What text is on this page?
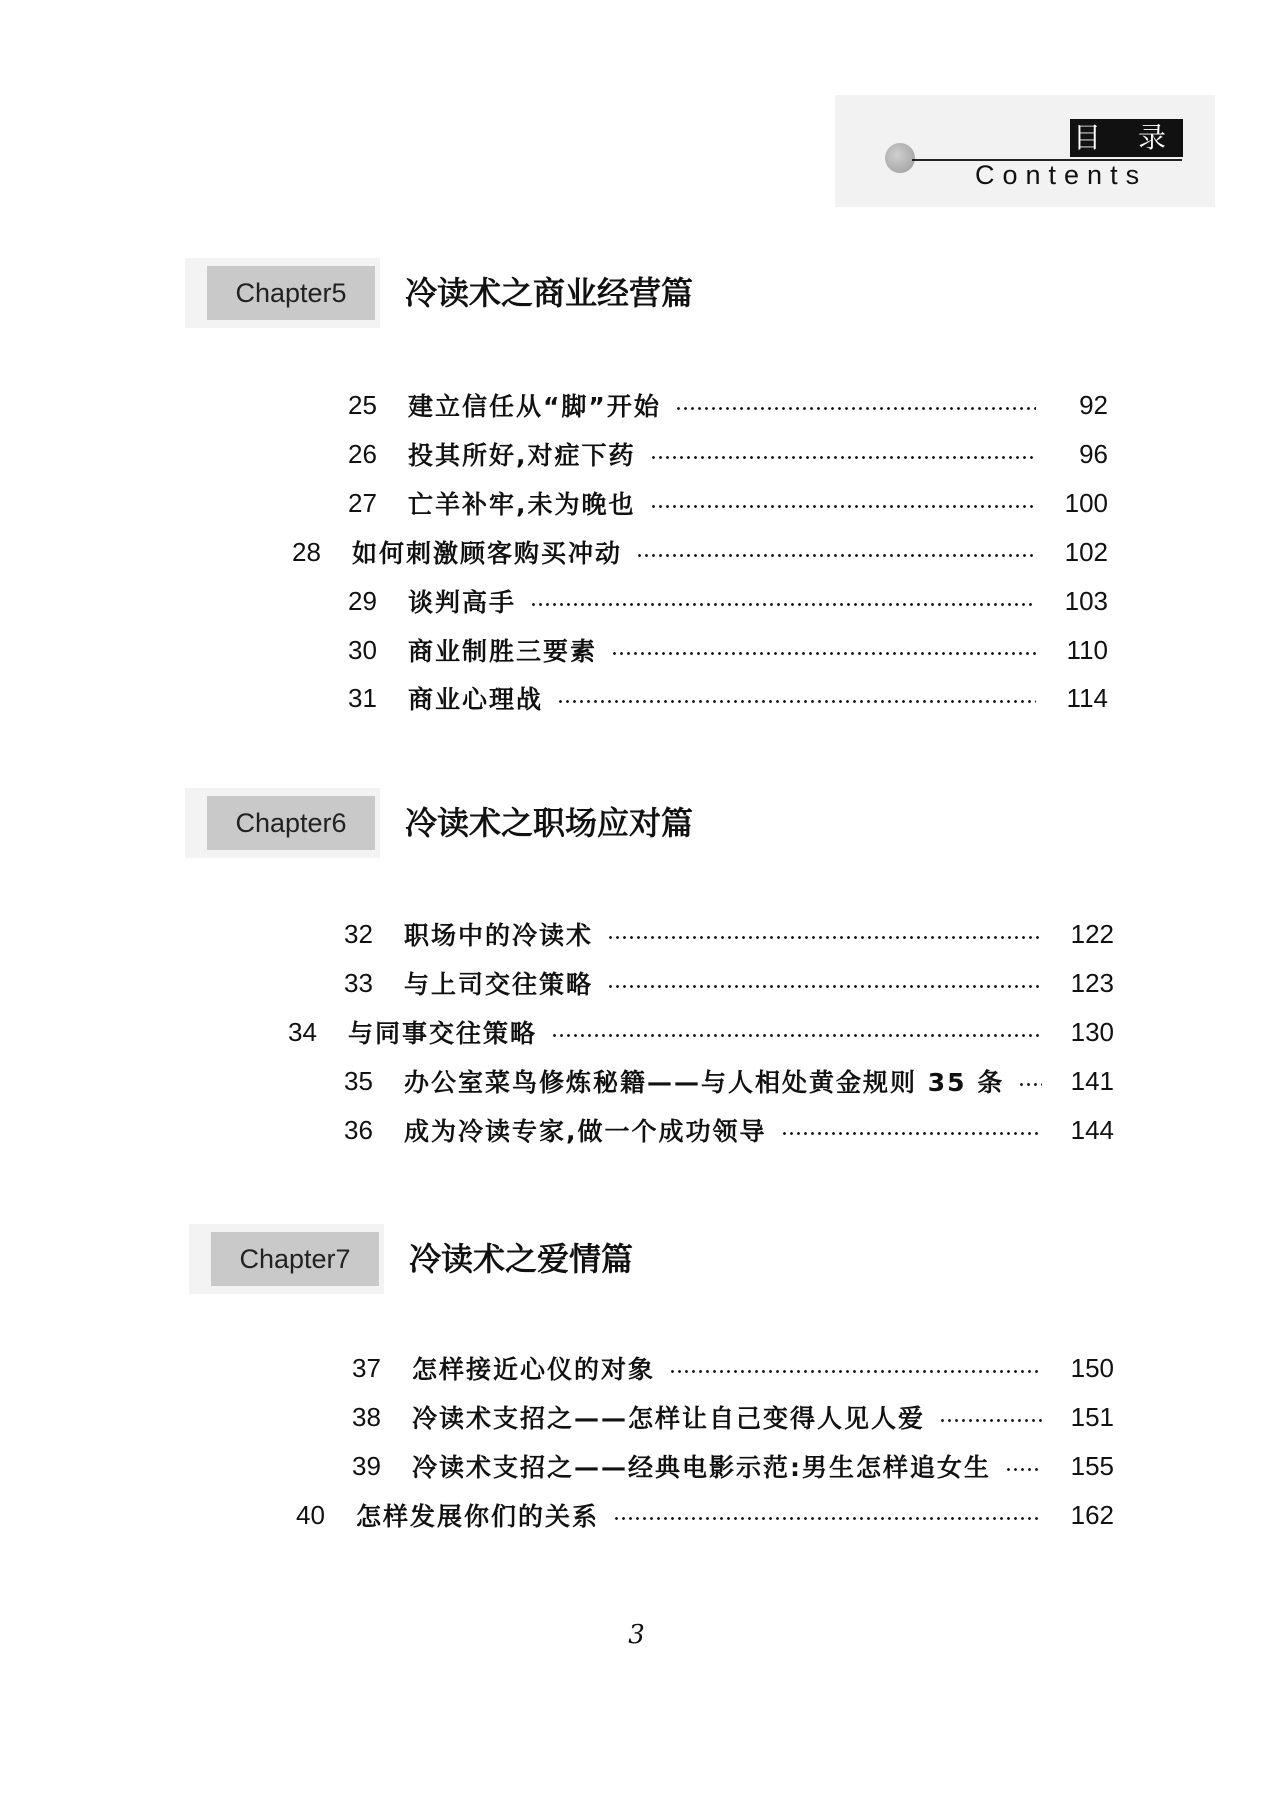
目 录
Contents
Chapter5	冷读术之商业经营篇
25	建立信任从“脚”开始	92
26	投其所好,对症下药	96
27	亡羊补牢,未为晚也	100
28	如何刺激顾客购买冲动	102
29	谈判高手	103
30	商业制胜三要素	110
31	商业心理战	114
Chapter6	冷读术之职场应对篇
32	职场中的冷读术	122
33	与上司交往策略	123
34	与同事交往策略	130
35	办公室菜鸟修炼秘籍——与人相处黄金规则 35 条	141
36	成为冷读专家,做一个成功领导	144
Chapter7	冷读术之爱情篇
37	怎样接近心仪的对象	150
38	冷读术支招之——怎样让自己变得人见人爱	151
39	冷读术支招之——经典电影示范:男生怎样追女生	155
40	怎样发展你们的关系	162
3
